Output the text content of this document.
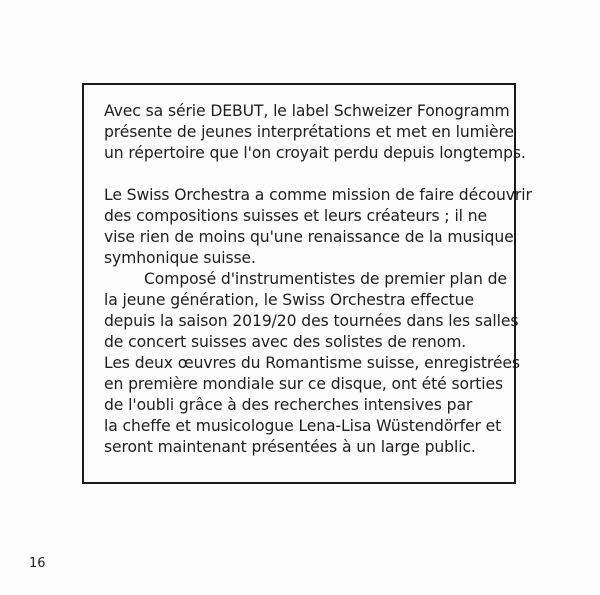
Avec sa série DEBUT, le label Schweizer Fonogramm
présente de jeunes interprétations et met en lumière
un répertoire que l'on croyait perdu depuis longtemps.
Le Swiss Orchestra a comme mission de faire découvrir
des compositions suisses et leurs créateurs ; il ne
vise rien de moins qu'une renaissance de la musique
symhonique suisse.
Composé d'instrumentistes de premier plan de
la jeune génération, le Swiss Orchestra effectue
depuis la saison 2019/20 des tournées dans les salles
de concert suisses avec des solistes de renom.
Les deux œuvres du Romantisme suisse, enregistrées
en première mondiale sur ce disque, ont été sorties
de l'oubli grâce à des recherches intensives par
la cheffe et musicologue Lena-Lisa Wüstendörfer et
seront maintenant présentées à un large public.
16
